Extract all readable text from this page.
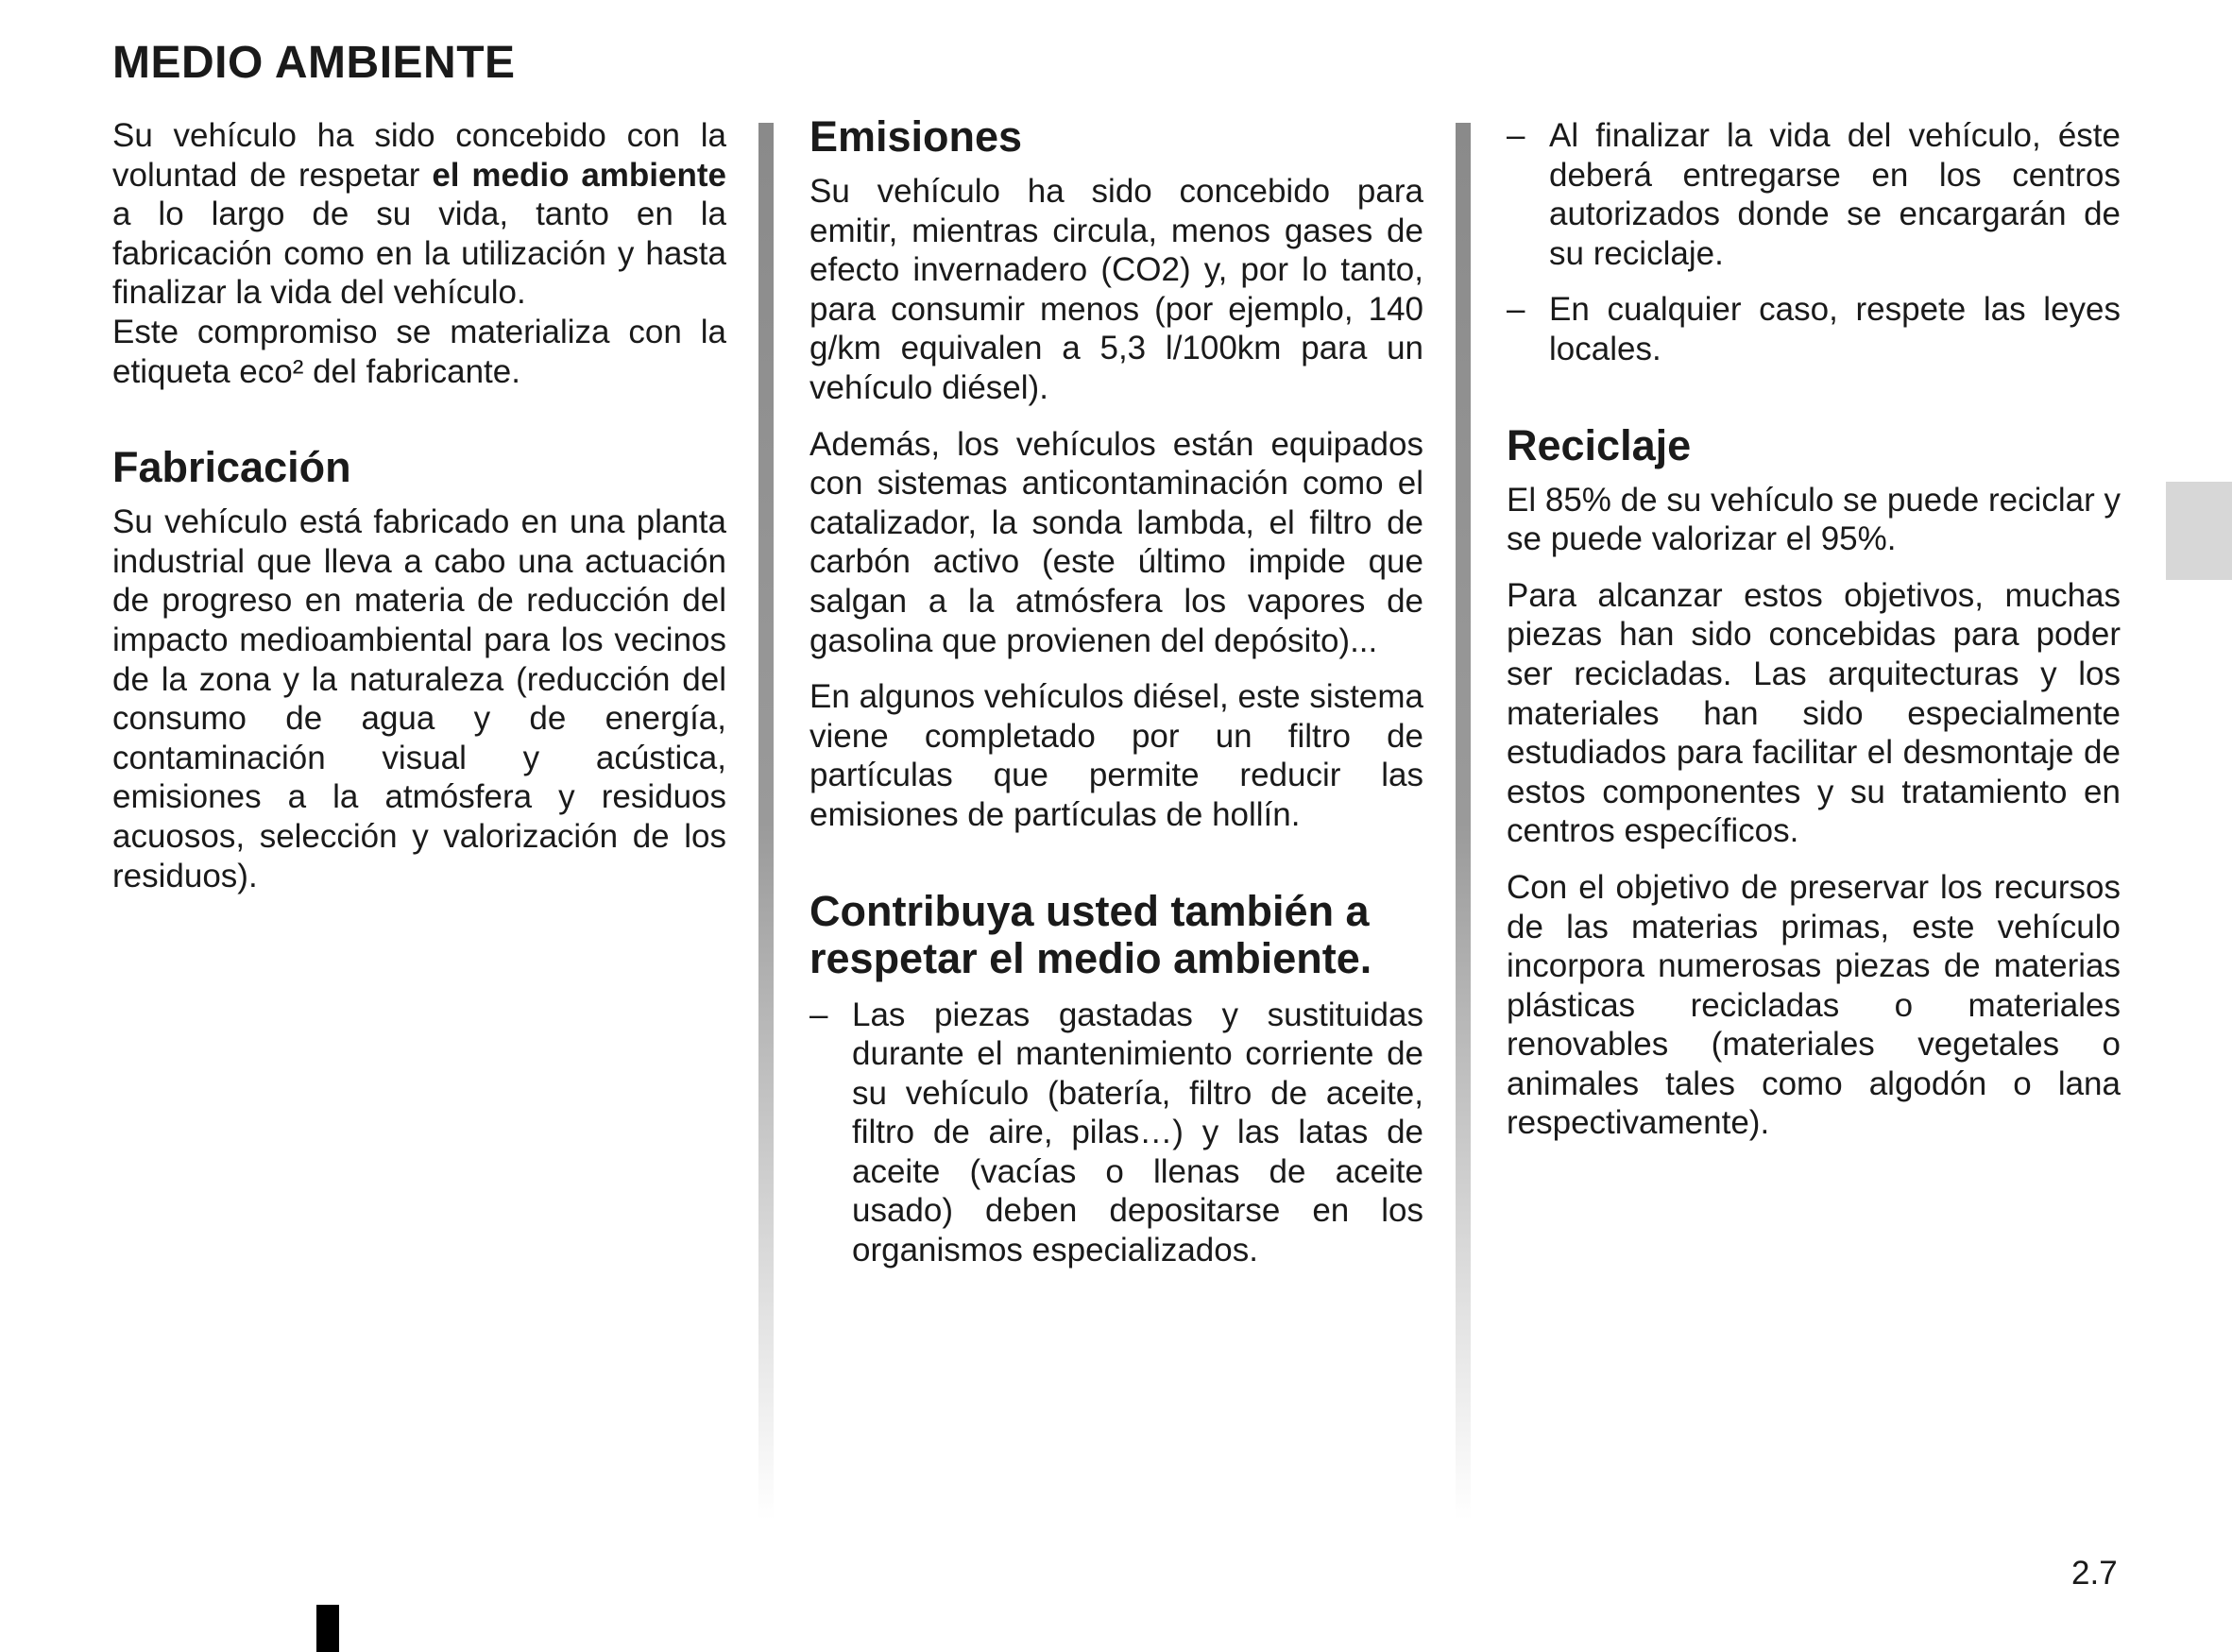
MEDIO AMBIENTE

Su vehículo ha sido concebido con la voluntad de respetar el medio ambiente a lo largo de su vida, tanto en la fabricación como en la utilización y hasta finalizar la vida del vehículo.

Este compromiso se materializa con la etiqueta eco² del fabricante.

Fabricación

Su vehículo está fabricado en una planta industrial que lleva a cabo una actuación de progreso en materia de reducción del impacto medioambiental para los vecinos de la zona y la naturaleza (reducción del consumo de agua y de energía, contaminación visual y acústica, emisiones a la atmósfera y residuos acuosos, selección y valorización de los residuos).

Emisiones

Su vehículo ha sido concebido para emitir, mientras circula, menos gases de efecto invernadero (CO2) y, por lo tanto, para consumir menos (por ejemplo, 140 g/km equivalen a 5,3 l/100km para un vehículo diésel).

Además, los vehículos están equipados con sistemas anticontaminación como el catalizador, la sonda lambda, el filtro de carbón activo (este último impide que salgan a la atmósfera los vapores de gasolina que provienen del depósito)...

En algunos vehículos diésel, este sistema viene completado por un filtro de partículas que permite reducir las emisiones de partículas de hollín.

Contribuya usted también a respetar el medio ambiente.
– Las piezas gastadas y sustituidas durante el mantenimiento corriente de su vehículo (batería, filtro de aceite, filtro de aire, pilas…) y las latas de aceite (vacías o llenas de aceite usado) deben depositarse en los organismos especializados.
– Al finalizar la vida del vehículo, éste deberá entregarse en los centros autorizados donde se encargarán de su reciclaje.
– En cualquier caso, respete las leyes locales.
Reciclaje

El 85% de su vehículo se puede reciclar y se puede valorizar el 95%.

Para alcanzar estos objetivos, muchas piezas han sido concebidas para poder ser recicladas. Las arquitecturas y los materiales han sido especialmente estudiados para facilitar el desmontaje de estos componentes y su tratamiento en centros específicos.

Con el objetivo de preservar los recursos de las materias primas, este vehículo incorpora numerosas piezas de materias plásticas recicladas o materiales renovables (materiales vegetales o animales tales como algodón o lana respectivamente).

2.7
